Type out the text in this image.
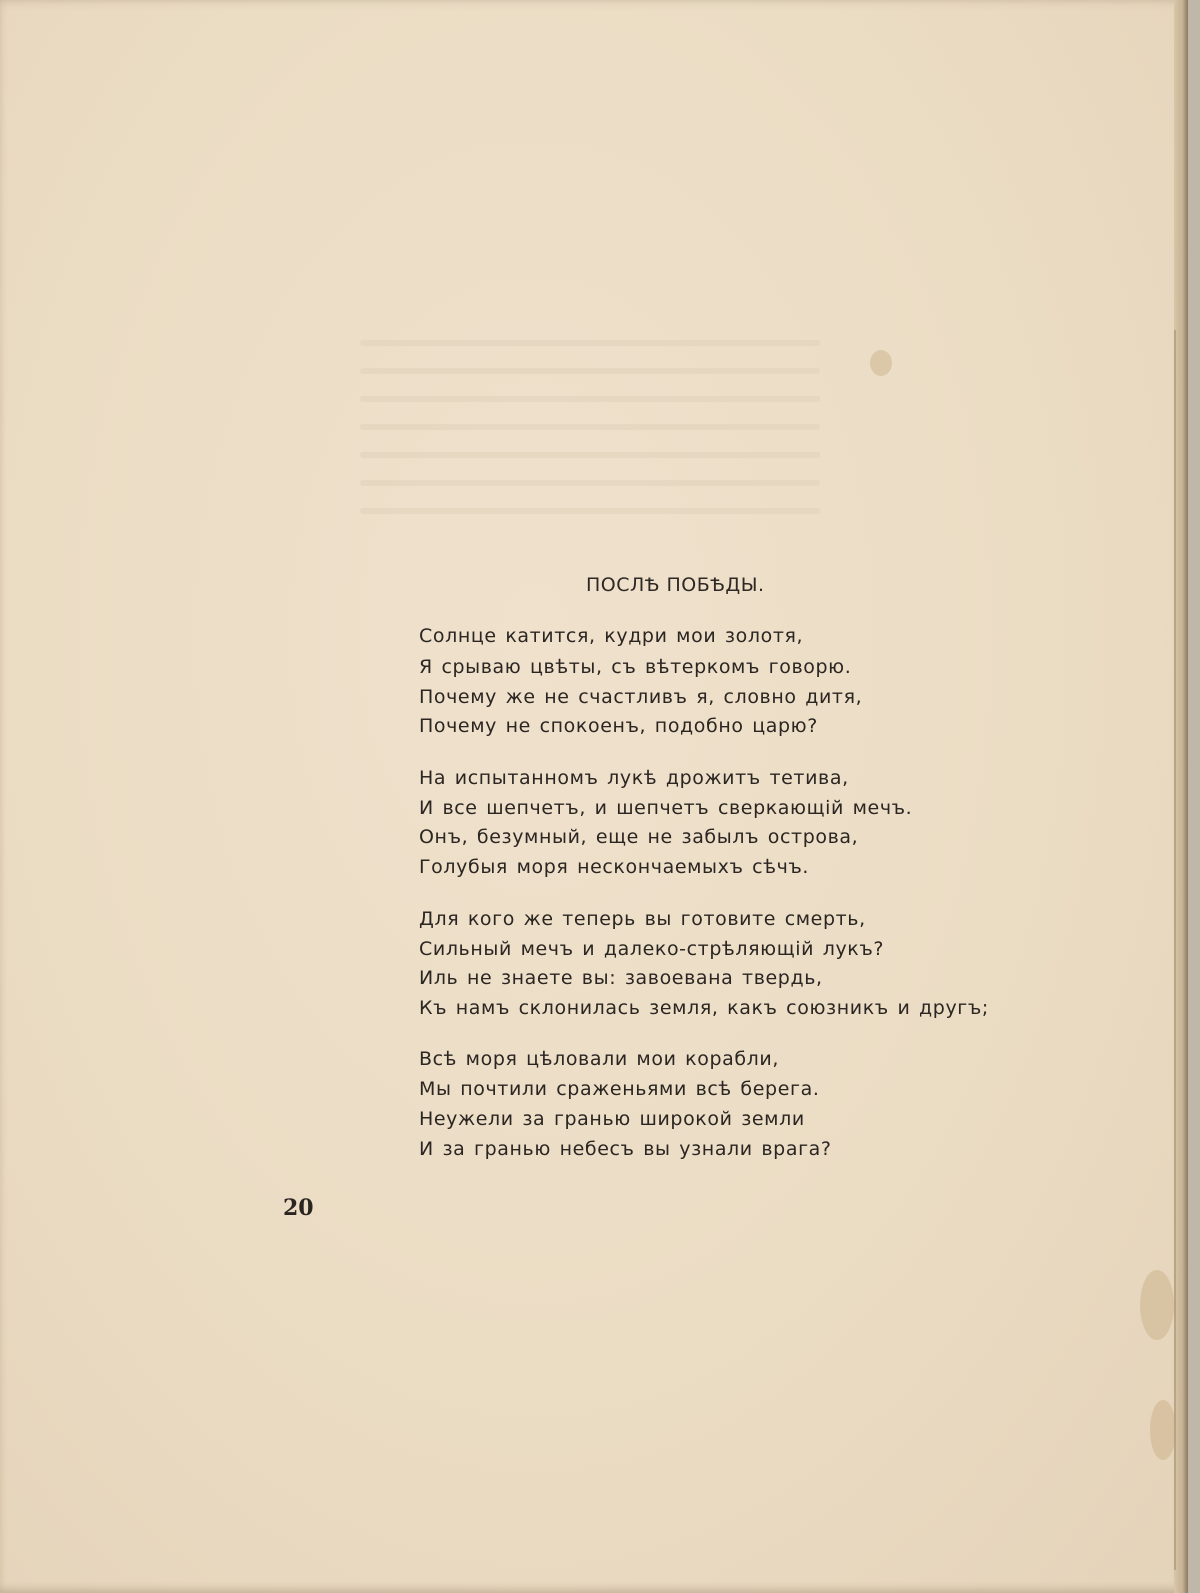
ПОСЛѢ ПОБѢДЫ.
Солнце катится, кудри мои золотя,
Я срываю цвѣты, съ вѣтеркомъ говорю.
Почему же не счастливъ я, словно дитя,
Почему не спокоенъ, подобно царю?
На испытанномъ лукѣ дрожитъ тетива,
И все шепчетъ, и шепчетъ сверкающій мечъ.
Онъ, безумный, еще не забылъ острова,
Голубыя моря нескончаемыхъ сѣчъ.
Для кого же теперь вы готовите смерть,
Сильный мечъ и далеко-стрѣляющій лукъ?
Иль не знаете вы: завоевана твердь,
Къ намъ склонилась земля, какъ союзникъ и другъ;
Всѣ моря цѣловали мои корабли,
Мы почтили сраженьями всѣ берега.
Неужели за гранью широкой земли
И за гранью небесъ вы узнали врага?
20
